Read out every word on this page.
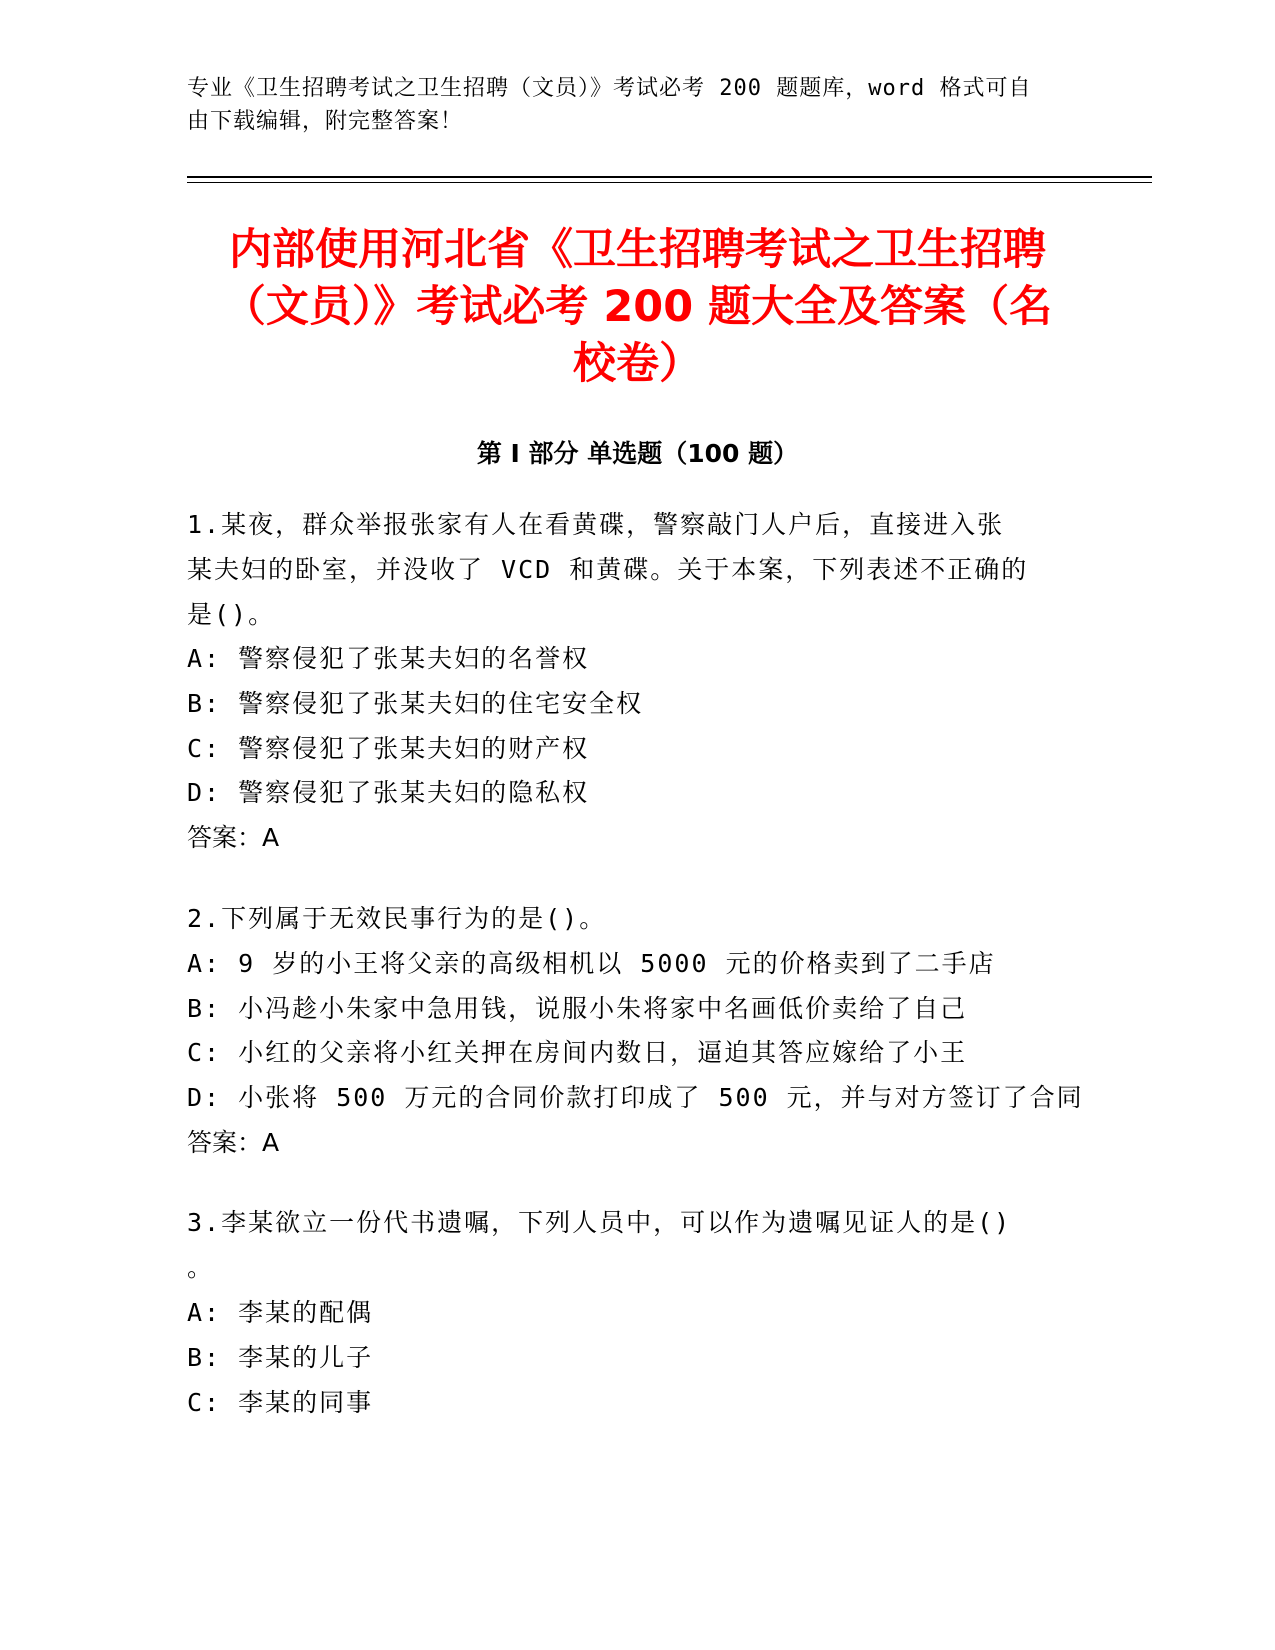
专业《卫生招聘考试之卫生招聘（文员）》考试必考 200 题题库，word 格式可自
由下载编辑，附完整答案！
内部使用河北省《卫生招聘考试之卫生招聘
（文员）》考试必考 200 题大全及答案（名
校卷）
第 I 部分 单选题（100 题）
1.某夜，群众举报张家有人在看黄碟，警察敲门人户后，直接进入张
某夫妇的卧室，并没收了 VCD 和黄碟。关于本案，下列表述不正确的
是()。
A: 警察侵犯了张某夫妇的名誉权
B: 警察侵犯了张某夫妇的住宅安全权
C: 警察侵犯了张某夫妇的财产权
D: 警察侵犯了张某夫妇的隐私权
答案：A
2.下列属于无效民事行为的是()。
A: 9 岁的小王将父亲的高级相机以 5000 元的价格卖到了二手店
B: 小冯趁小朱家中急用钱，说服小朱将家中名画低价卖给了自己
C: 小红的父亲将小红关押在房间内数日，逼迫其答应嫁给了小王
D: 小张将 500 万元的合同价款打印成了 500 元，并与对方签订了合同
答案：A
3.李某欲立一份代书遗嘱，下列人员中，可以作为遗嘱见证人的是()
。
A: 李某的配偶
B: 李某的儿子
C: 李某的同事
